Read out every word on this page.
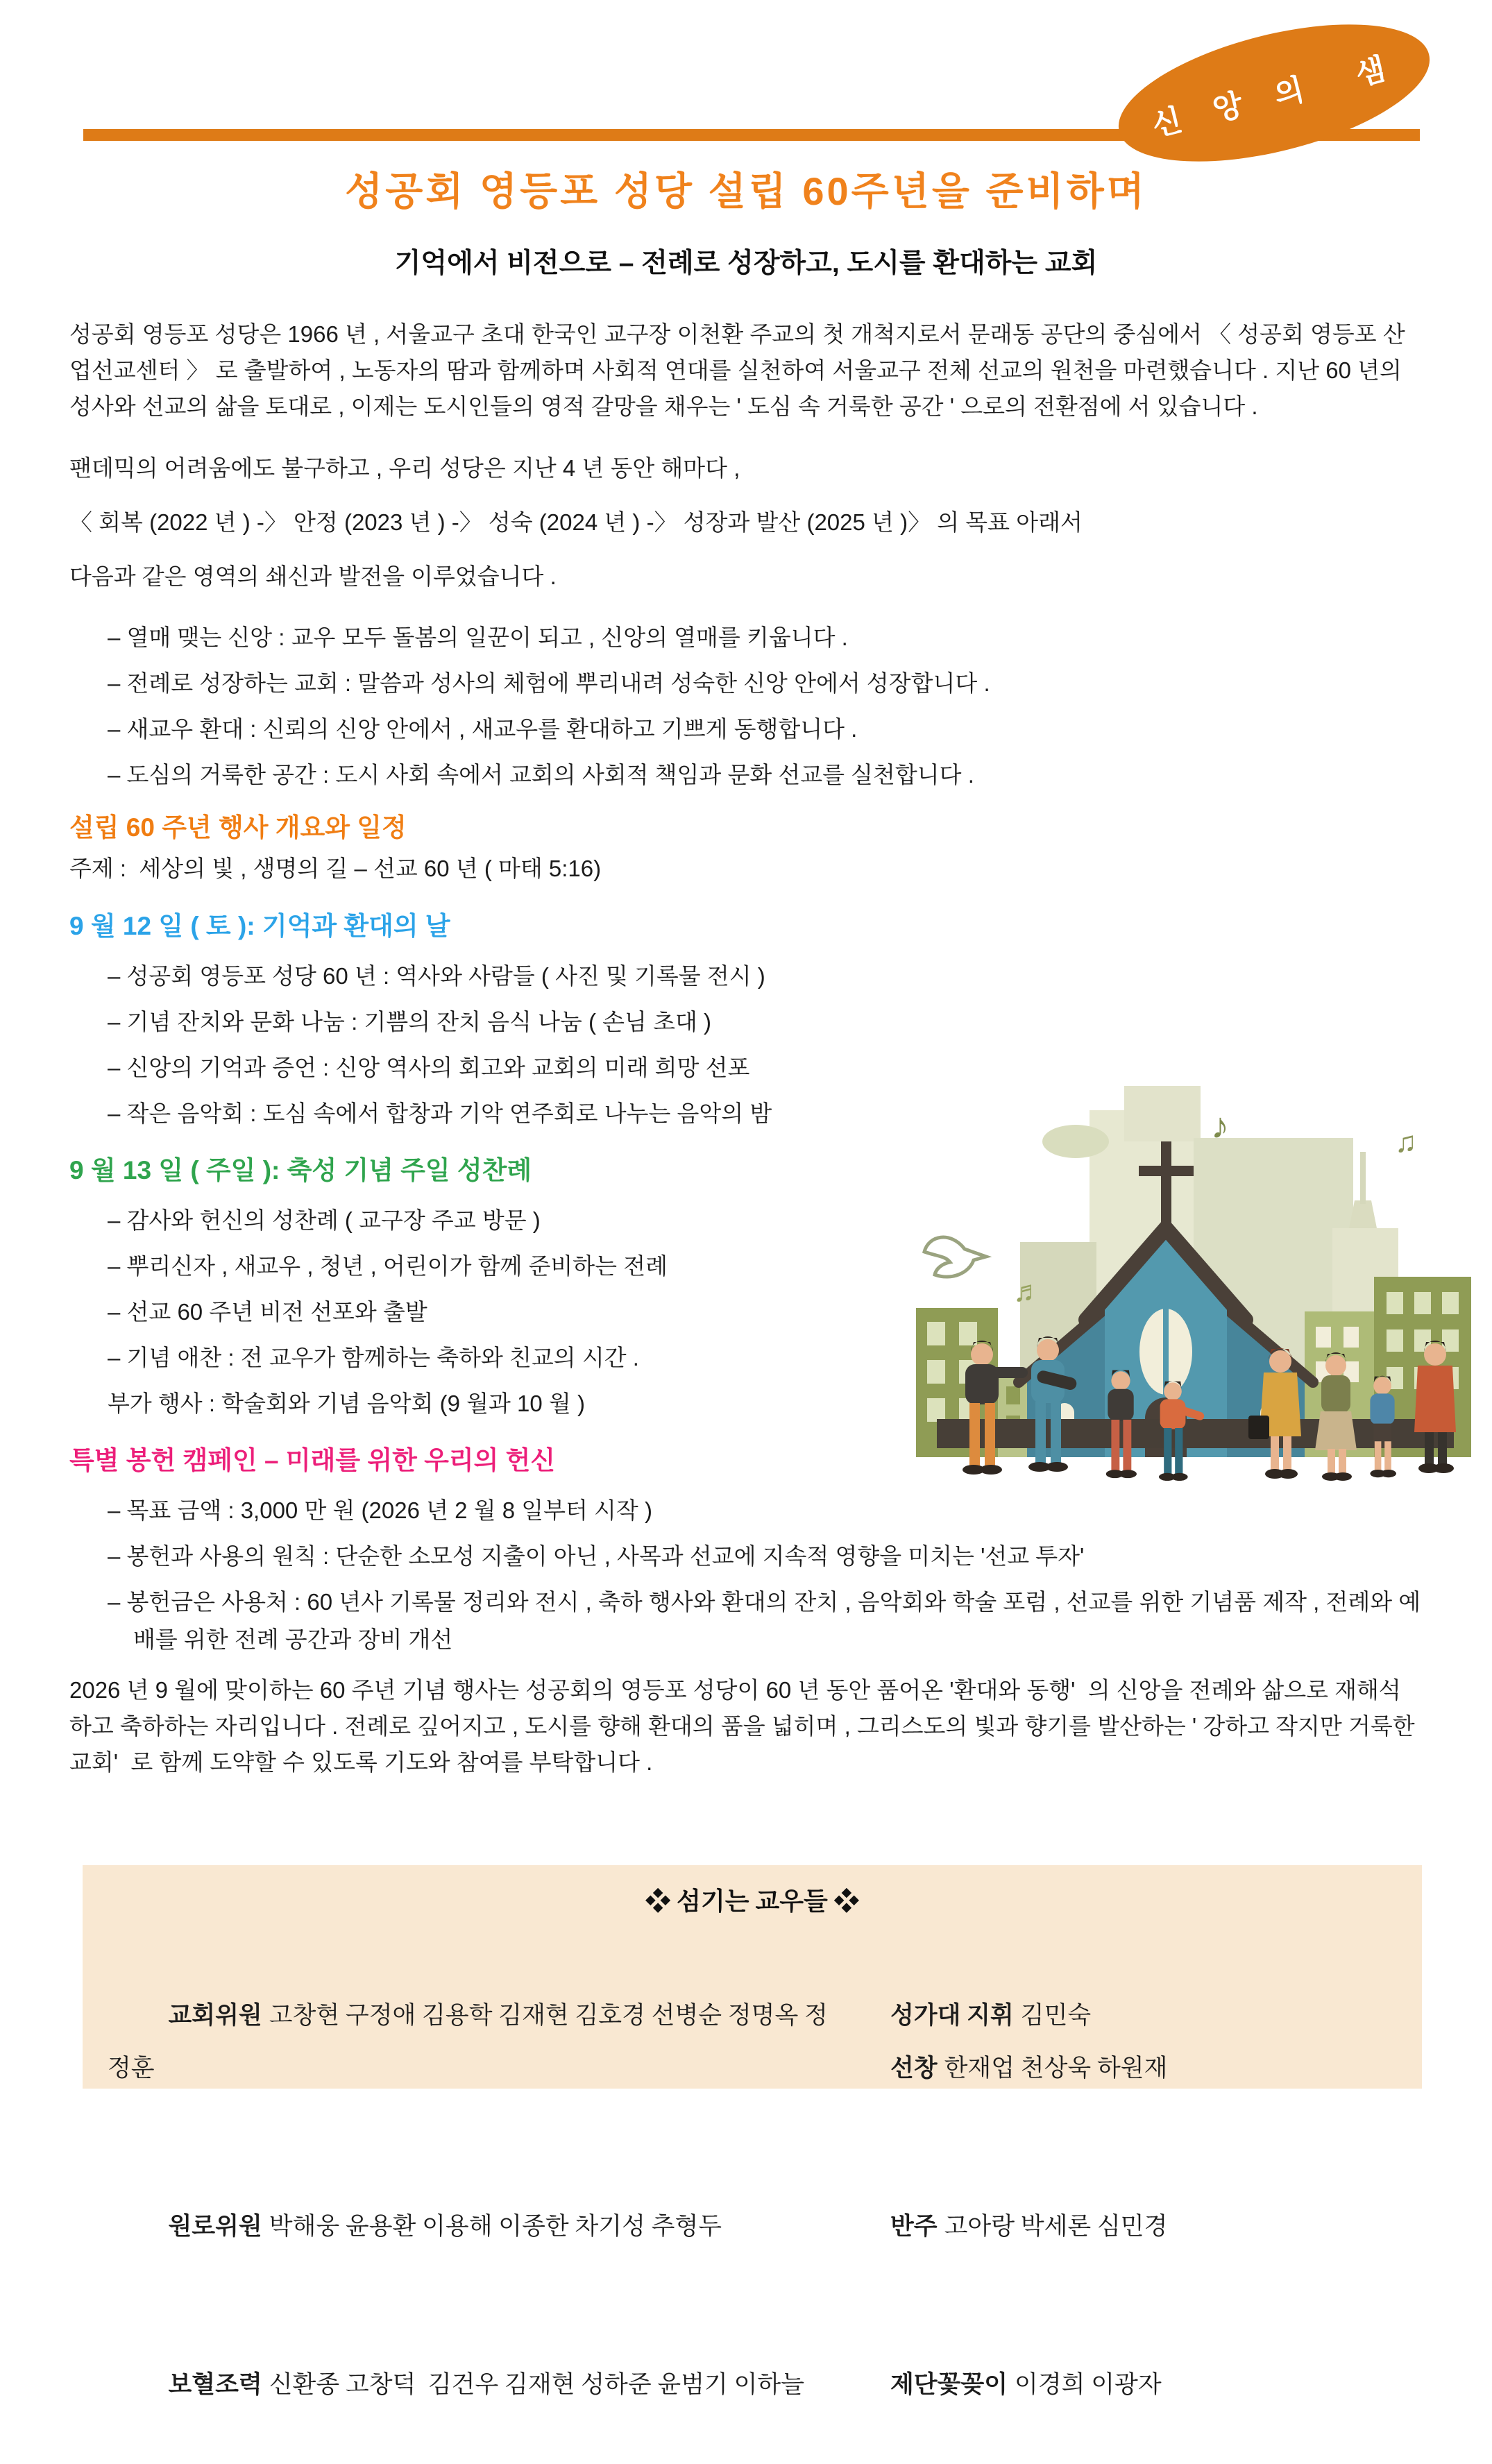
신 앙 의  샘
성공회 영등포 성당 설립 60주년을 준비하며
기억에서 비전으로 – 전례로 성장하고, 도시를 환대하는 교회

성공회 영등포 성당은 1966 년 , 서울교구 초대 한국인 교구장 이천환 주교의 첫 개척지로서 문래동 공단의 중심에서 〈 성공회 영등포 산업선교센터 〉 로 출발하여 , 노동자의 땀과 함께하며 사회적 연대를 실천하여 서울교구 전체 선교의 원천을 마련했습니다 . 지난 60 년의 성사와 선교의 삶을 토대로 , 이제는 도시인들의 영적 갈망을 채우는 ' 도심 속 거룩한 공간 ' 으로의 전환점에 서 있습니다 .

팬데믹의 어려움에도 불구하고 , 우리 성당은 지난 4 년 동안 해마다 ,
〈 회복 (2022 년 ) -〉 안정 (2023 년 ) -〉 성숙 (2024 년 ) -〉 성장과 발산 (2025 년 )〉 의 목표 아래서
다음과 같은 영역의 쇄신과 발전을 이루었습니다 .
– 열매 맺는 신앙 : 교우 모두 돌봄의 일꾼이 되고 , 신앙의 열매를 키웁니다 .
– 전례로 성장하는 교회 : 말씀과 성사의 체험에 뿌리내려 성숙한 신앙 안에서 성장합니다 .
– 새교우 환대 : 신뢰의 신앙 안에서 , 새교우를 환대하고 기쁘게 동행합니다 .
– 도심의 거룩한 공간 : 도시 사회 속에서 교회의 사회적 책임과 문화 선교를 실천합니다 .
설립 60 주년 행사 개요와 일정

주제 :  세상의 빛 , 생명의 길 – 선교 60 년 ( 마태 5:16)

9 월 12 일 ( 토 ): 기억과 환대의 날
– 성공회 영등포 성당 60 년 : 역사와 사람들 ( 사진 및 기록물 전시 )
– 기념 잔치와 문화 나눔 : 기쁨의 잔치 음식 나눔 ( 손님 초대 )
– 신앙의 기억과 증언 : 신앙 역사의 회고와 교회의 미래 희망 선포
– 작은 음악회 : 도심 속에서 합창과 기악 연주회로 나누는 음악의 밤
9 월 13 일 ( 주일 ): 축성 기념 주일 성찬례
– 감사와 헌신의 성찬례 ( 교구장 주교 방문 )
– 뿌리신자 , 새교우 , 청년 , 어린이가 함께 준비하는 전례
– 선교 60 주년 비전 선포와 출발
– 기념 애찬 : 전 교우가 함께하는 축하와 친교의 시간 .

부가 행사 : 학술회와 기념 음악회 (9 월과 10 월 )

특별 봉헌 캠페인 – 미래를 위한 우리의 헌신
– 목표 금액 : 3,000 만 원 (2026 년 2 월 8 일부터 시작 )
– 봉헌과 사용의 원칙 : 단순한 소모성 지출이 아닌 , 사목과 선교에 지속적 영향을 미치는 '선교 투자'
– 봉헌금은 사용처 : 60 년사 기록물 정리와 전시 , 축하 행사와 환대의 잔치 , 음악회와 학술 포럼 , 선교를 위한 기념품 제작 , 전례와 예배를 위한 전례 공간과 장비 개선

2026 년 9 월에 맞이하는 60 주년 기념 행사는 성공회의 영등포 성당이 60 년 동안 품어온 '환대와 동행'  의 신앙을 전례와 삶으로 재해석하고 축하하는 자리입니다 . 전례로 깊어지고 , 도시를 향해 환대의 품을 넓히며 , 그리스도의 빛과 향기를 발산하는 ' 강하고 작지만 거룩한 교회'  로 함께 도약할 수 있도록 기도와 참여를 부탁합니다 .

♪	♫
♬
❖ 섬기는 교우들 ❖

교회위원 고창현 구정애 김용학 김재현 김호경 선병순 정명옥 정정훈

원로위원 박해웅 윤용환 이용해 이종한 차기성 추형두

보혈조력 신환종 고창덕  김건우 김재현 성하준 윤범기 이하늘

성가대 지휘 김민숙
선창 한재업 천상욱 하원재

반주 고아랑 박세론 심민경

제단꽃꽂이 이경희 이광자
